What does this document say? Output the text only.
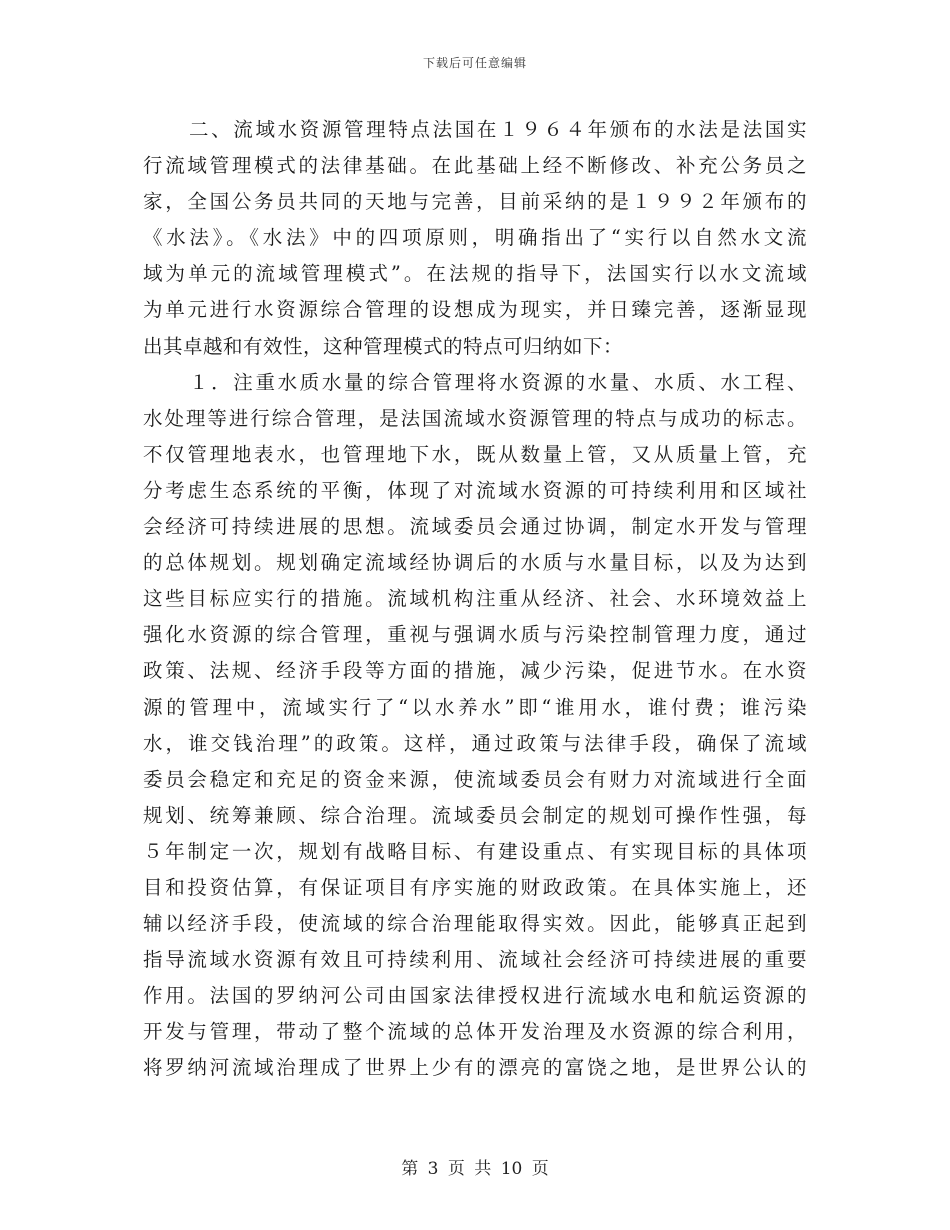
下载后可任意编辑
二、流域水资源管理特点法国在１９６４年颁布的水法是法国实
行流域管理模式的法律基础。在此基础上经不断修改、补充公务员之
家，全国公务员共同的天地与完善，目前采纳的是１９９２年颁布的
《水法》。《水法》中的四项原则，明确指出了“实行以自然水文流
域为单元的流域管理模式”。在法规的指导下，法国实行以水文流域
为单元进行水资源综合管理的设想成为现实，并日臻完善，逐渐显现
出其卓越和有效性，这种管理模式的特点可归纳如下：
１．注重水质水量的综合管理将水资源的水量、水质、水工程、
水处理等进行综合管理，是法国流域水资源管理的特点与成功的标志。
不仅管理地表水，也管理地下水，既从数量上管，又从质量上管，充
分考虑生态系统的平衡，体现了对流域水资源的可持续利用和区域社
会经济可持续进展的思想。流域委员会通过协调，制定水开发与管理
的总体规划。规划确定流域经协调后的水质与水量目标，以及为达到
这些目标应实行的措施。流域机构注重从经济、社会、水环境效益上
强化水资源的综合管理，重视与强调水质与污染控制管理力度，通过
政策、法规、经济手段等方面的措施，减少污染，促进节水。在水资
源的管理中，流域实行了“以水养水”即“谁用水，谁付费；谁污染
水，谁交钱治理”的政策。这样，通过政策与法律手段，确保了流域
委员会稳定和充足的资金来源，使流域委员会有财力对流域进行全面
规划、统筹兼顾、综合治理。流域委员会制定的规划可操作性强，每
５年制定一次，规划有战略目标、有建设重点、有实现目标的具体项
目和投资估算，有保证项目有序实施的财政政策。在具体实施上，还
辅以经济手段，使流域的综合治理能取得实效。因此，能够真正起到
指导流域水资源有效且可持续利用、流域社会经济可持续进展的重要
作用。法国的罗纳河公司由国家法律授权进行流域水电和航运资源的
开发与管理，带动了整个流域的总体开发治理及水资源的综合利用，
将罗纳河流域治理成了世界上少有的漂亮的富饶之地，是世界公认的
第 3 页 共 10 页
